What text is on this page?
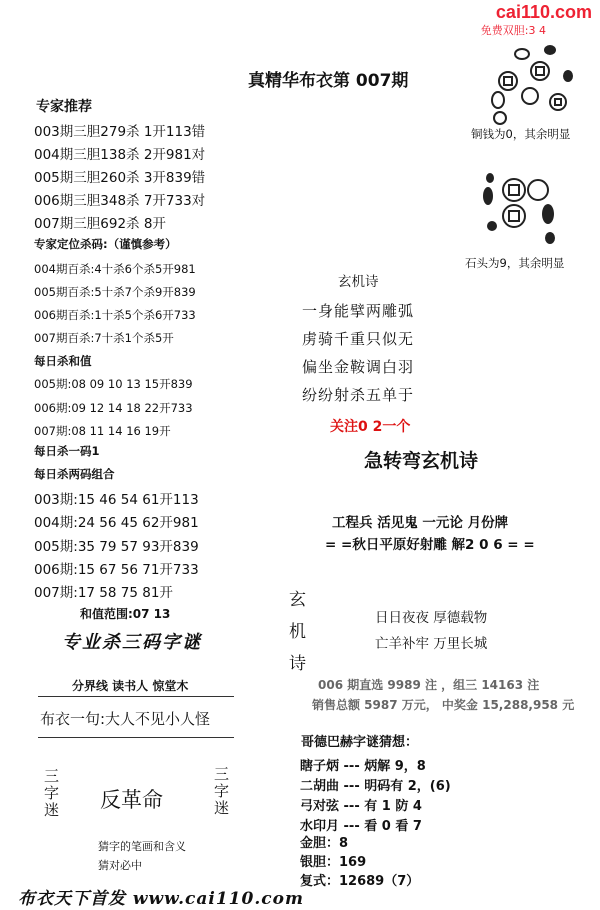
cai110.com
免费双胆:3 4
真精华布衣第 007期
专家推荐
003期三胆279杀 1开113错
004期三胆138杀 2开981对
005期三胆260杀 3开839错
006期三胆348杀 7开733对
007期三胆692杀 8开
专家定位杀码:（谨慎参考）
004期百杀:4十杀6个杀5开981
005期百杀:5十杀7个杀9开839
006期百杀:1十杀5个杀6开733
007期百杀:7十杀1个杀5开
每日杀和值
005期:08 09 10 13 15开839
006期:09 12 14 18 22开733
007期:08 11 14 16 19开
每日杀一码1
每日杀两码组合
003期:15 46 54 61开113
004期:24 56 45 62开981
005期:35 79 57 93开839
006期:15 67 56 71开733
007期:17 58 75 81开
和值范围:07 13
专业杀三码字谜
分界线 读书人 惊堂木
布衣一句:大人不见小人怪
三字迷 反革命
三字迷
猜字的笔画和含义
猜对必中
布衣天下首发 www.cai110.com
铜钱为0，其余明显
石头为9，其余明显
玄机诗
一身能擘两雕弧
虏骑千重只似无
偏坐金鞍调白羽
纷纷射杀五单于
关注0 2一个
急转弯玄机诗
工程兵 活见鬼 一元论 月份牌
= =秋日平原好射雕 解2 0 6 = =
玄机诗
日日夜夜 厚德载物
亡羊补牢 万里长城
006 期直选 9989 注 ，组三 14163 注
销售总额 5987 万元， 中奖金 15,288,958 元
哥德巴赫字谜猜想：
瞎子炳 --- 炳解 9，8
二胡曲 --- 明码有 2，(6)
弓对弦 --- 有 1 防 4
水印月 --- 看 0 看 7
金胆：8
银胆：169
复式：12689（7）
